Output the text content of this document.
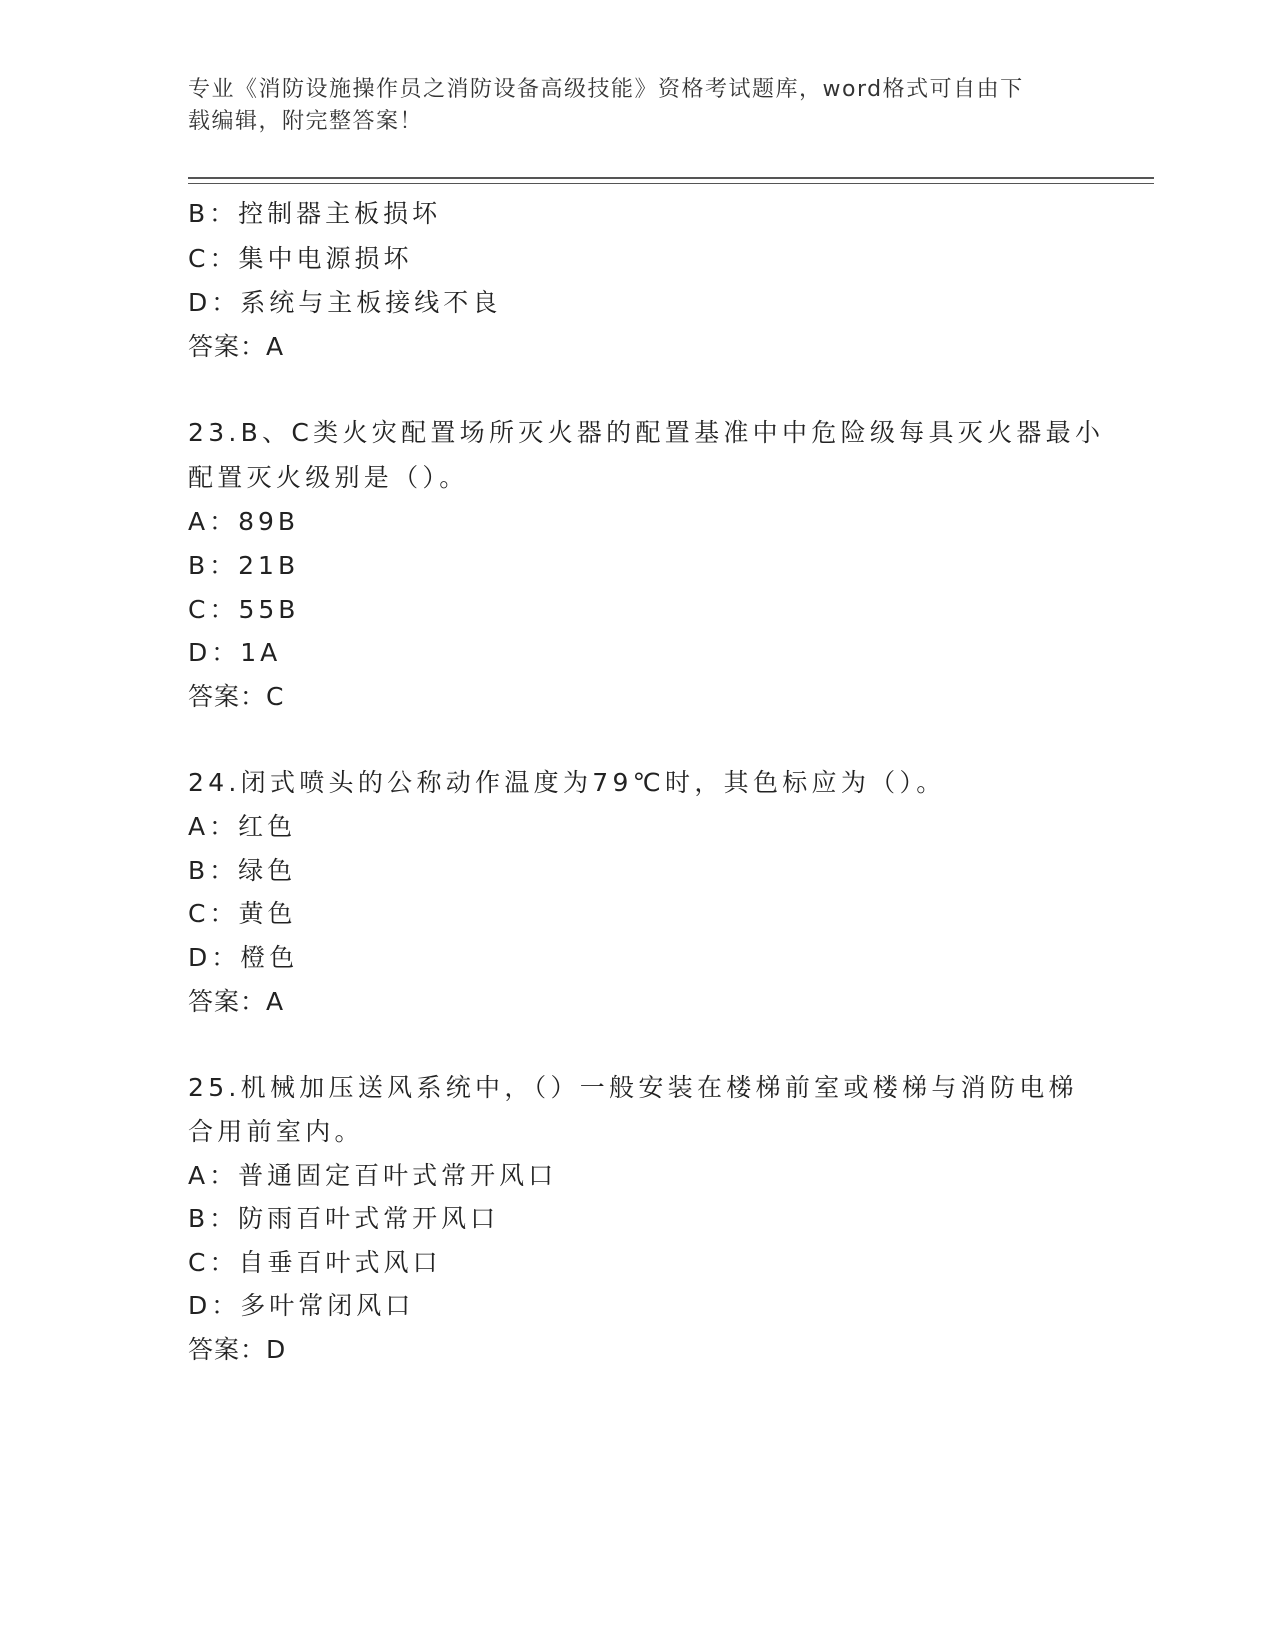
专业《消防设施操作员之消防设备高级技能》资格考试题库，word格式可自由下
载编辑，附完整答案！
B：控制器主板损坏
C：集中电源损坏
D：系统与主板接线不良
答案：A
23.B、C类火灾配置场所灭火器的配置基准中中危险级每具灭火器最小
配置灭火级别是（）。
A：89B
B：21B
C：55B
D：1A
答案：C
24.闭式喷头的公称动作温度为79℃时，其色标应为（）。
A：红色
B：绿色
C：黄色
D：橙色
答案：A
25.机械加压送风系统中，（）一般安装在楼梯前室或楼梯与消防电梯
合用前室内。
A：普通固定百叶式常开风口
B：防雨百叶式常开风口
C：自垂百叶式风口
D：多叶常闭风口
答案：D
